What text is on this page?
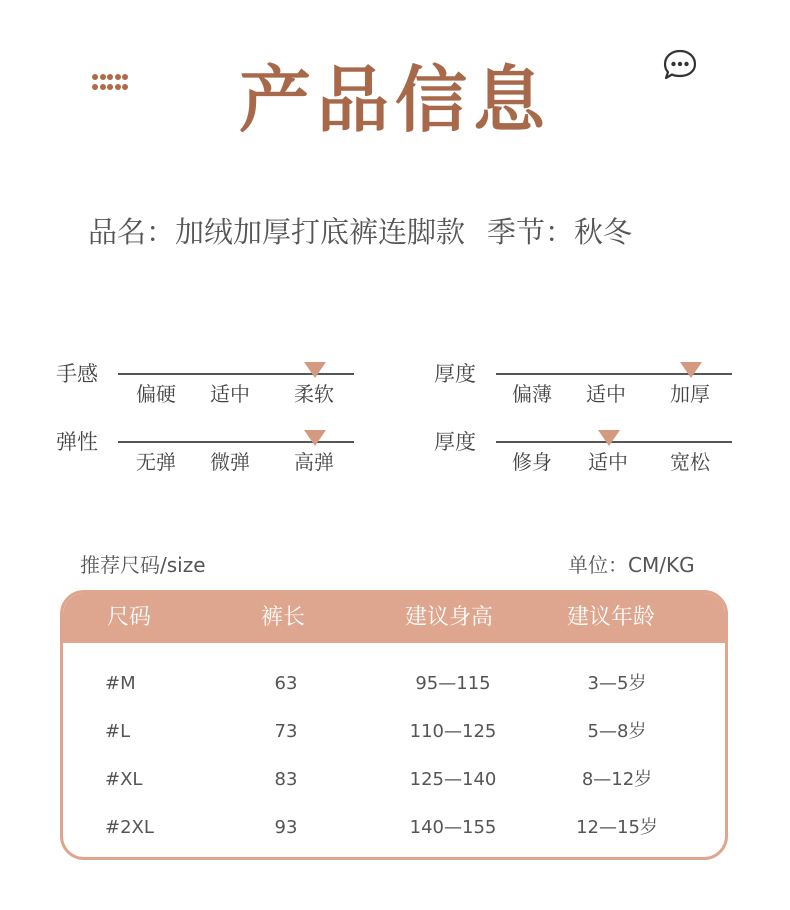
产品信息
品名：加绒加厚打底裤连脚款 季节：秋冬
手感
偏硬 适中 柔软
厚度
偏薄 适中 加厚
弹性
无弹 微弹 高弹
厚度
修身 适中 宽松
推荐尺码/size	单位：CM/KG
尺码	裤长	建议身高	建议年龄
#M	63	95—115	3—5岁
#L	73	110—125	5—8岁
#XL	83	125—140	8—12岁
#2XL	93	140—155	12—15岁
